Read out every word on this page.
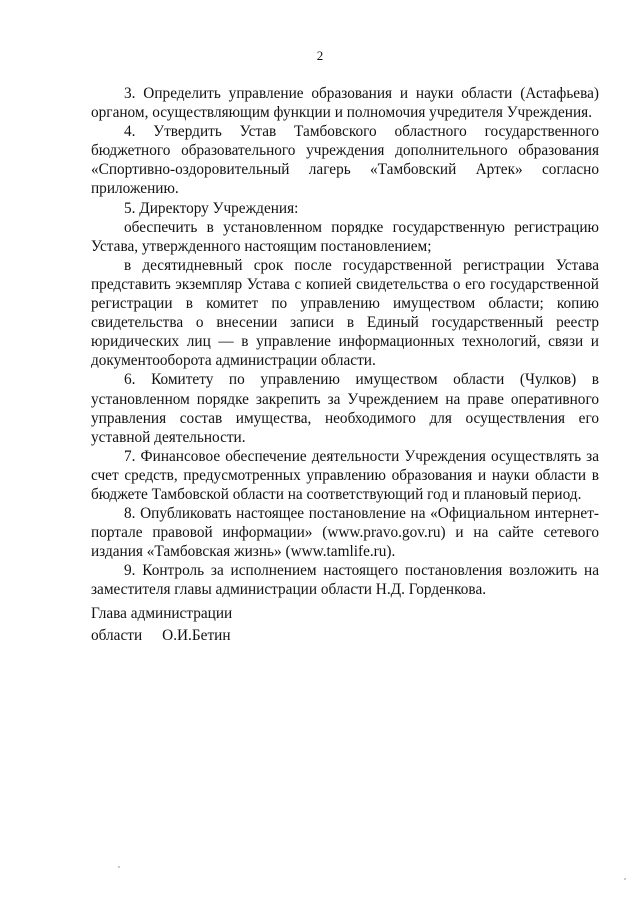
2

3. Определить управление образования и науки области (Астафьева) органом, осуществляющим функции и полномочия учредителя Учреждения.

4. Утвердить Устав Тамбовского областного государственного бюджетного образовательного учреждения дополнительного образования «Спортивно-оздоровительный лагерь «Тамбовский Артек» согласно приложению.

5. Директору Учреждения:

обеспечить в установленном порядке государственную регистрацию Устава, утвержденного настоящим постановлением;

в десятидневный срок после государственной регистрации Устава представить экземпляр Устава с копией свидетельства о его государственной регистрации в комитет по управлению имуществом области; копию свидетельства о внесении записи в Единый государственный реестр юридических лиц — в управление информационных технологий, связи и документооборота администрации области.

6. Комитету по управлению имуществом области (Чулков) в установленном порядке закрепить за Учреждением на праве оперативного управления состав имущества, необходимого для осуществления его уставной деятельности.

7. Финансовое обеспечение деятельности Учреждения осуществлять за счет средств, предусмотренных управлению образования и науки области в бюджете Тамбовской области на соответствующий год и плановый период.

8. Опубликовать настоящее постановление на «Официальном интернет-портале правовой информации» (www.pravo.gov.ru) и на сайте сетевого издания «Тамбовская жизнь» (www.tamlife.ru).

9. Контроль за исполнением настоящего постановления возложить на заместителя главы администрации области Н.Д. Горденкова.

Глава администрации
области О.И.Бетин
